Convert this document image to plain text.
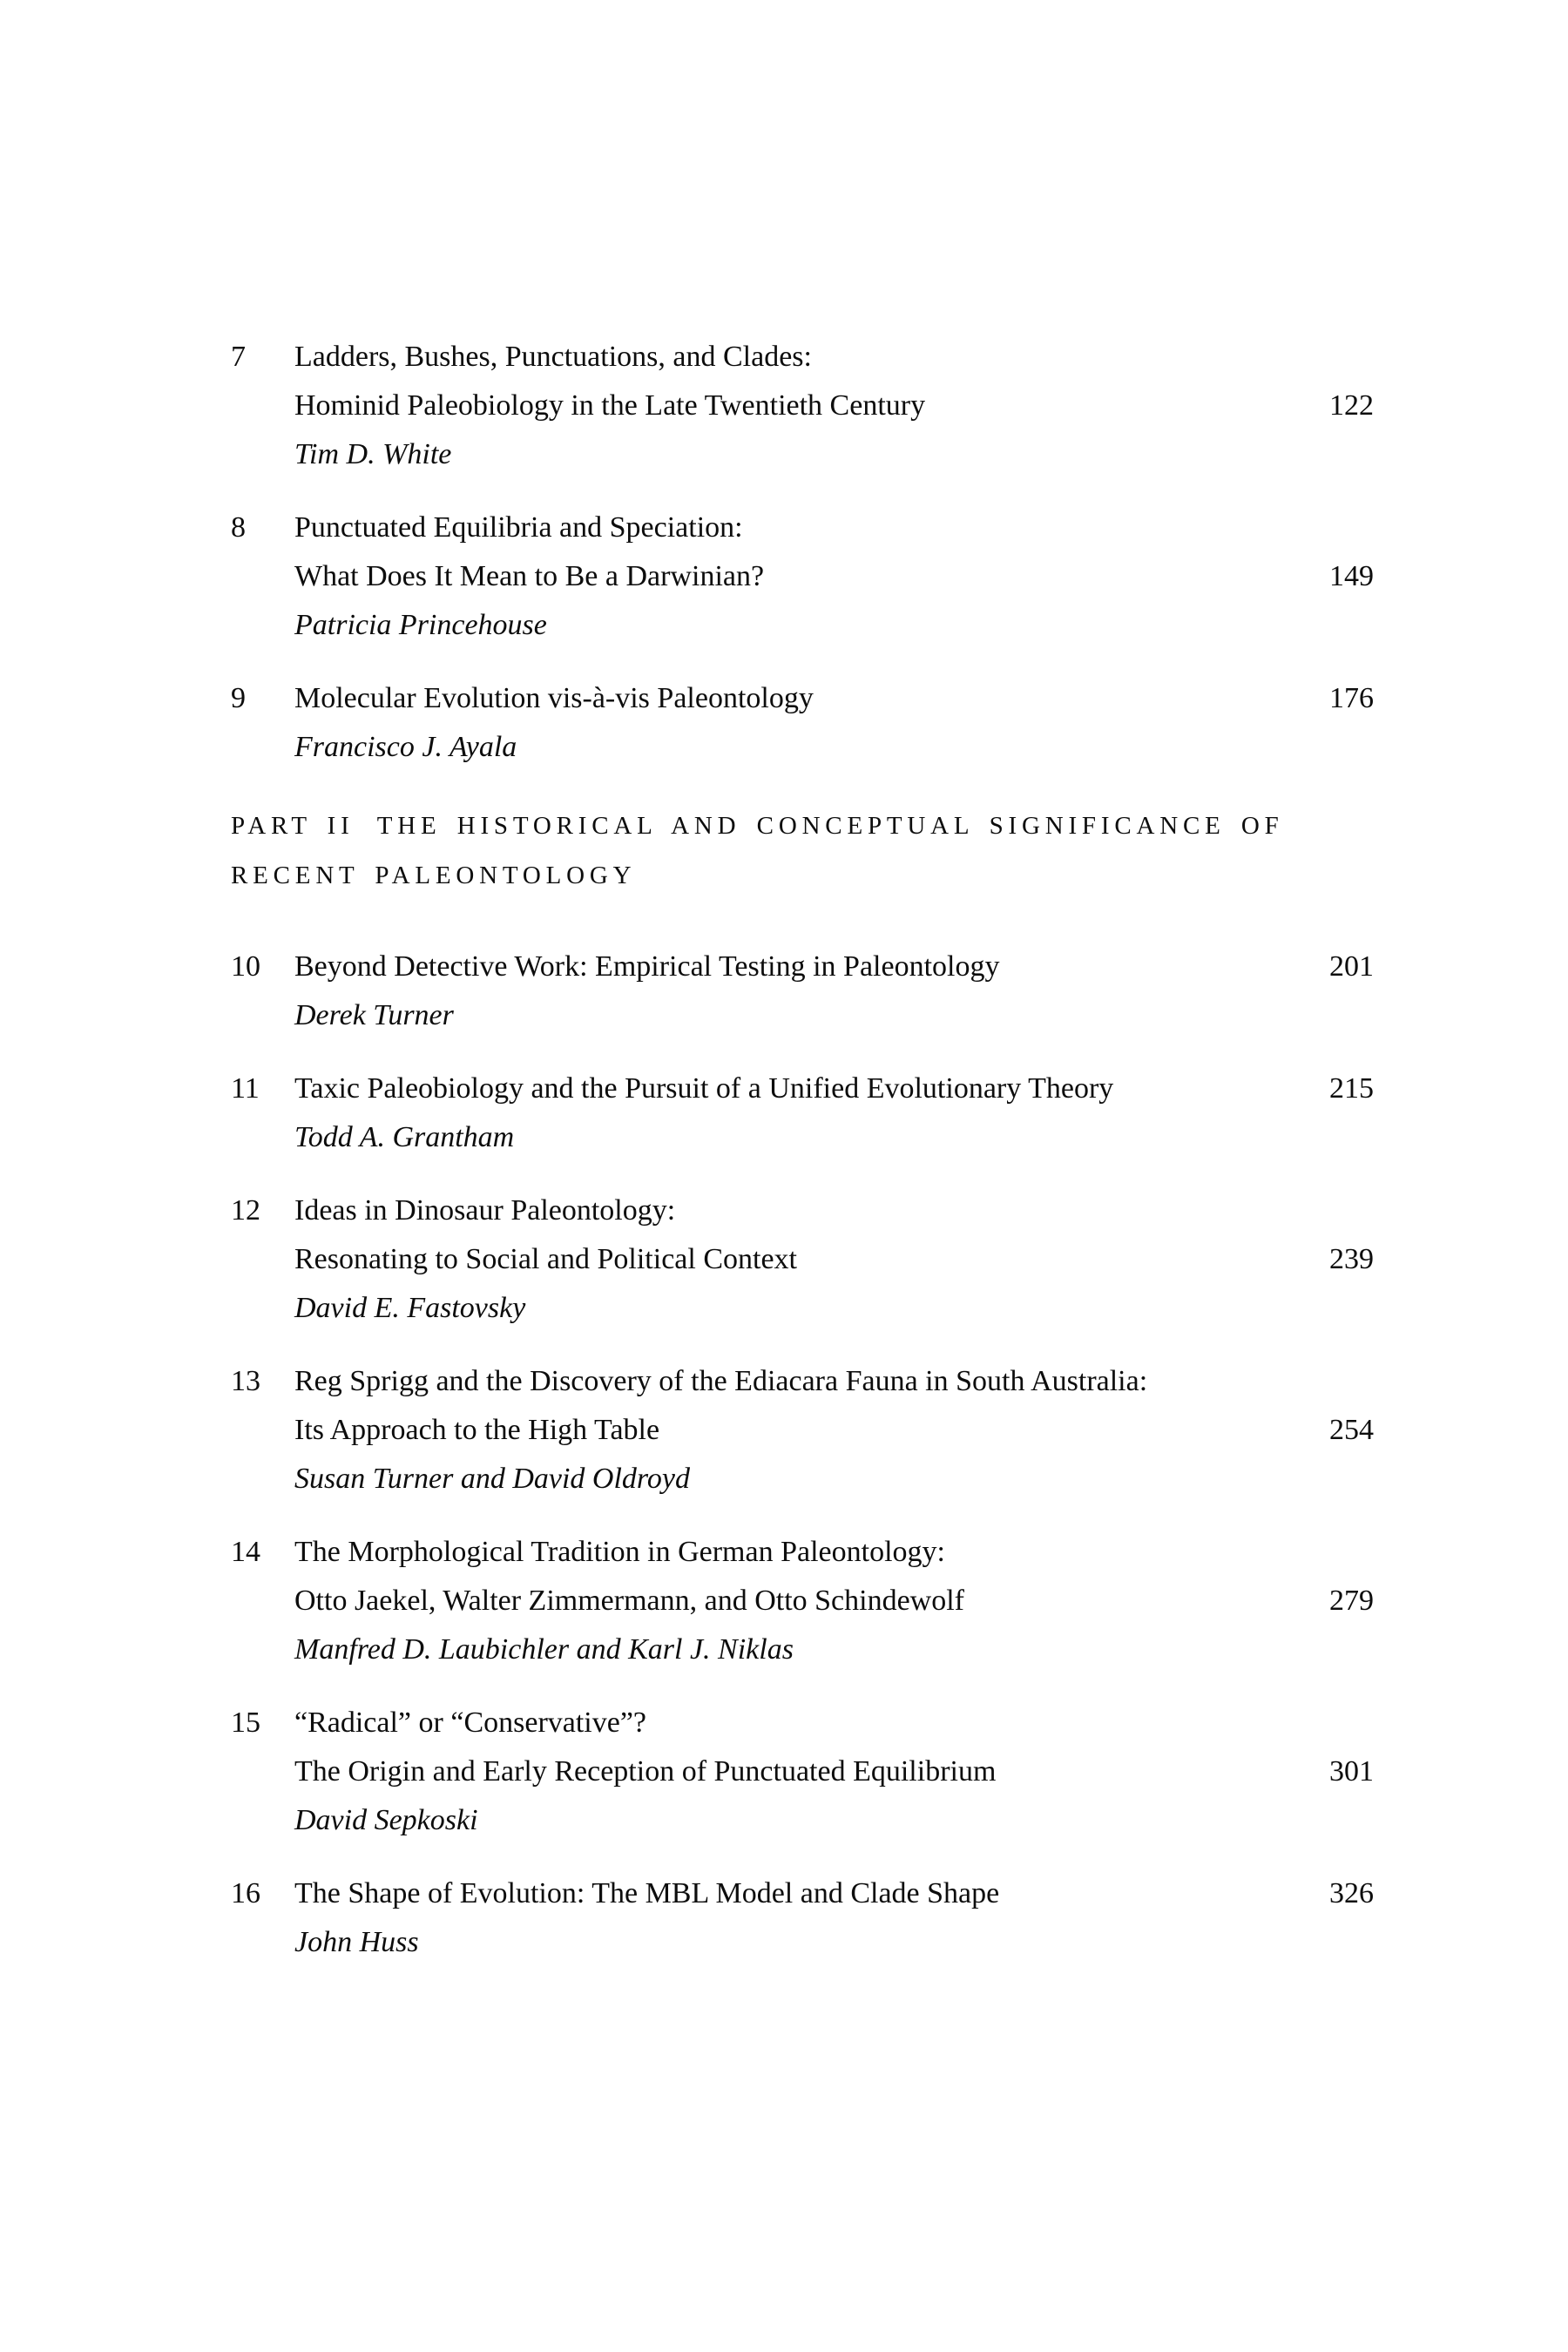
7	Ladders, Bushes, Punctuations, and Clades:
Hominid Paleobiology in the Late Twentieth Century	122
Tim D. White
8	Punctuated Equilibria and Speciation:
What Does It Mean to Be a Darwinian?	149
Patricia Princehouse
9	Molecular Evolution vis-à-vis Paleontology	176
Francisco J. Ayala
PART II THE HISTORICAL AND CONCEPTUAL SIGNIFICANCE OF
RECENT PALEONTOLOGY
10	Beyond Detective Work: Empirical Testing in Paleontology	201
Derek Turner
11	Taxic Paleobiology and the Pursuit of a Unified Evolutionary Theory	215
Todd A. Grantham
12	Ideas in Dinosaur Paleontology:
Resonating to Social and Political Context	239
David E. Fastovsky
13	Reg Sprigg and the Discovery of the Ediacara Fauna in South Australia:
Its Approach to the High Table	254
Susan Turner and David Oldroyd
14	The Morphological Tradition in German Paleontology:
Otto Jaekel, Walter Zimmermann, and Otto Schindewolf	279
Manfred D. Laubichler and Karl J. Niklas
15	“Radical” or “Conservative”?
The Origin and Early Reception of Punctuated Equilibrium	301
David Sepkoski
16	The Shape of Evolution: The MBL Model and Clade Shape	326
John Huss
